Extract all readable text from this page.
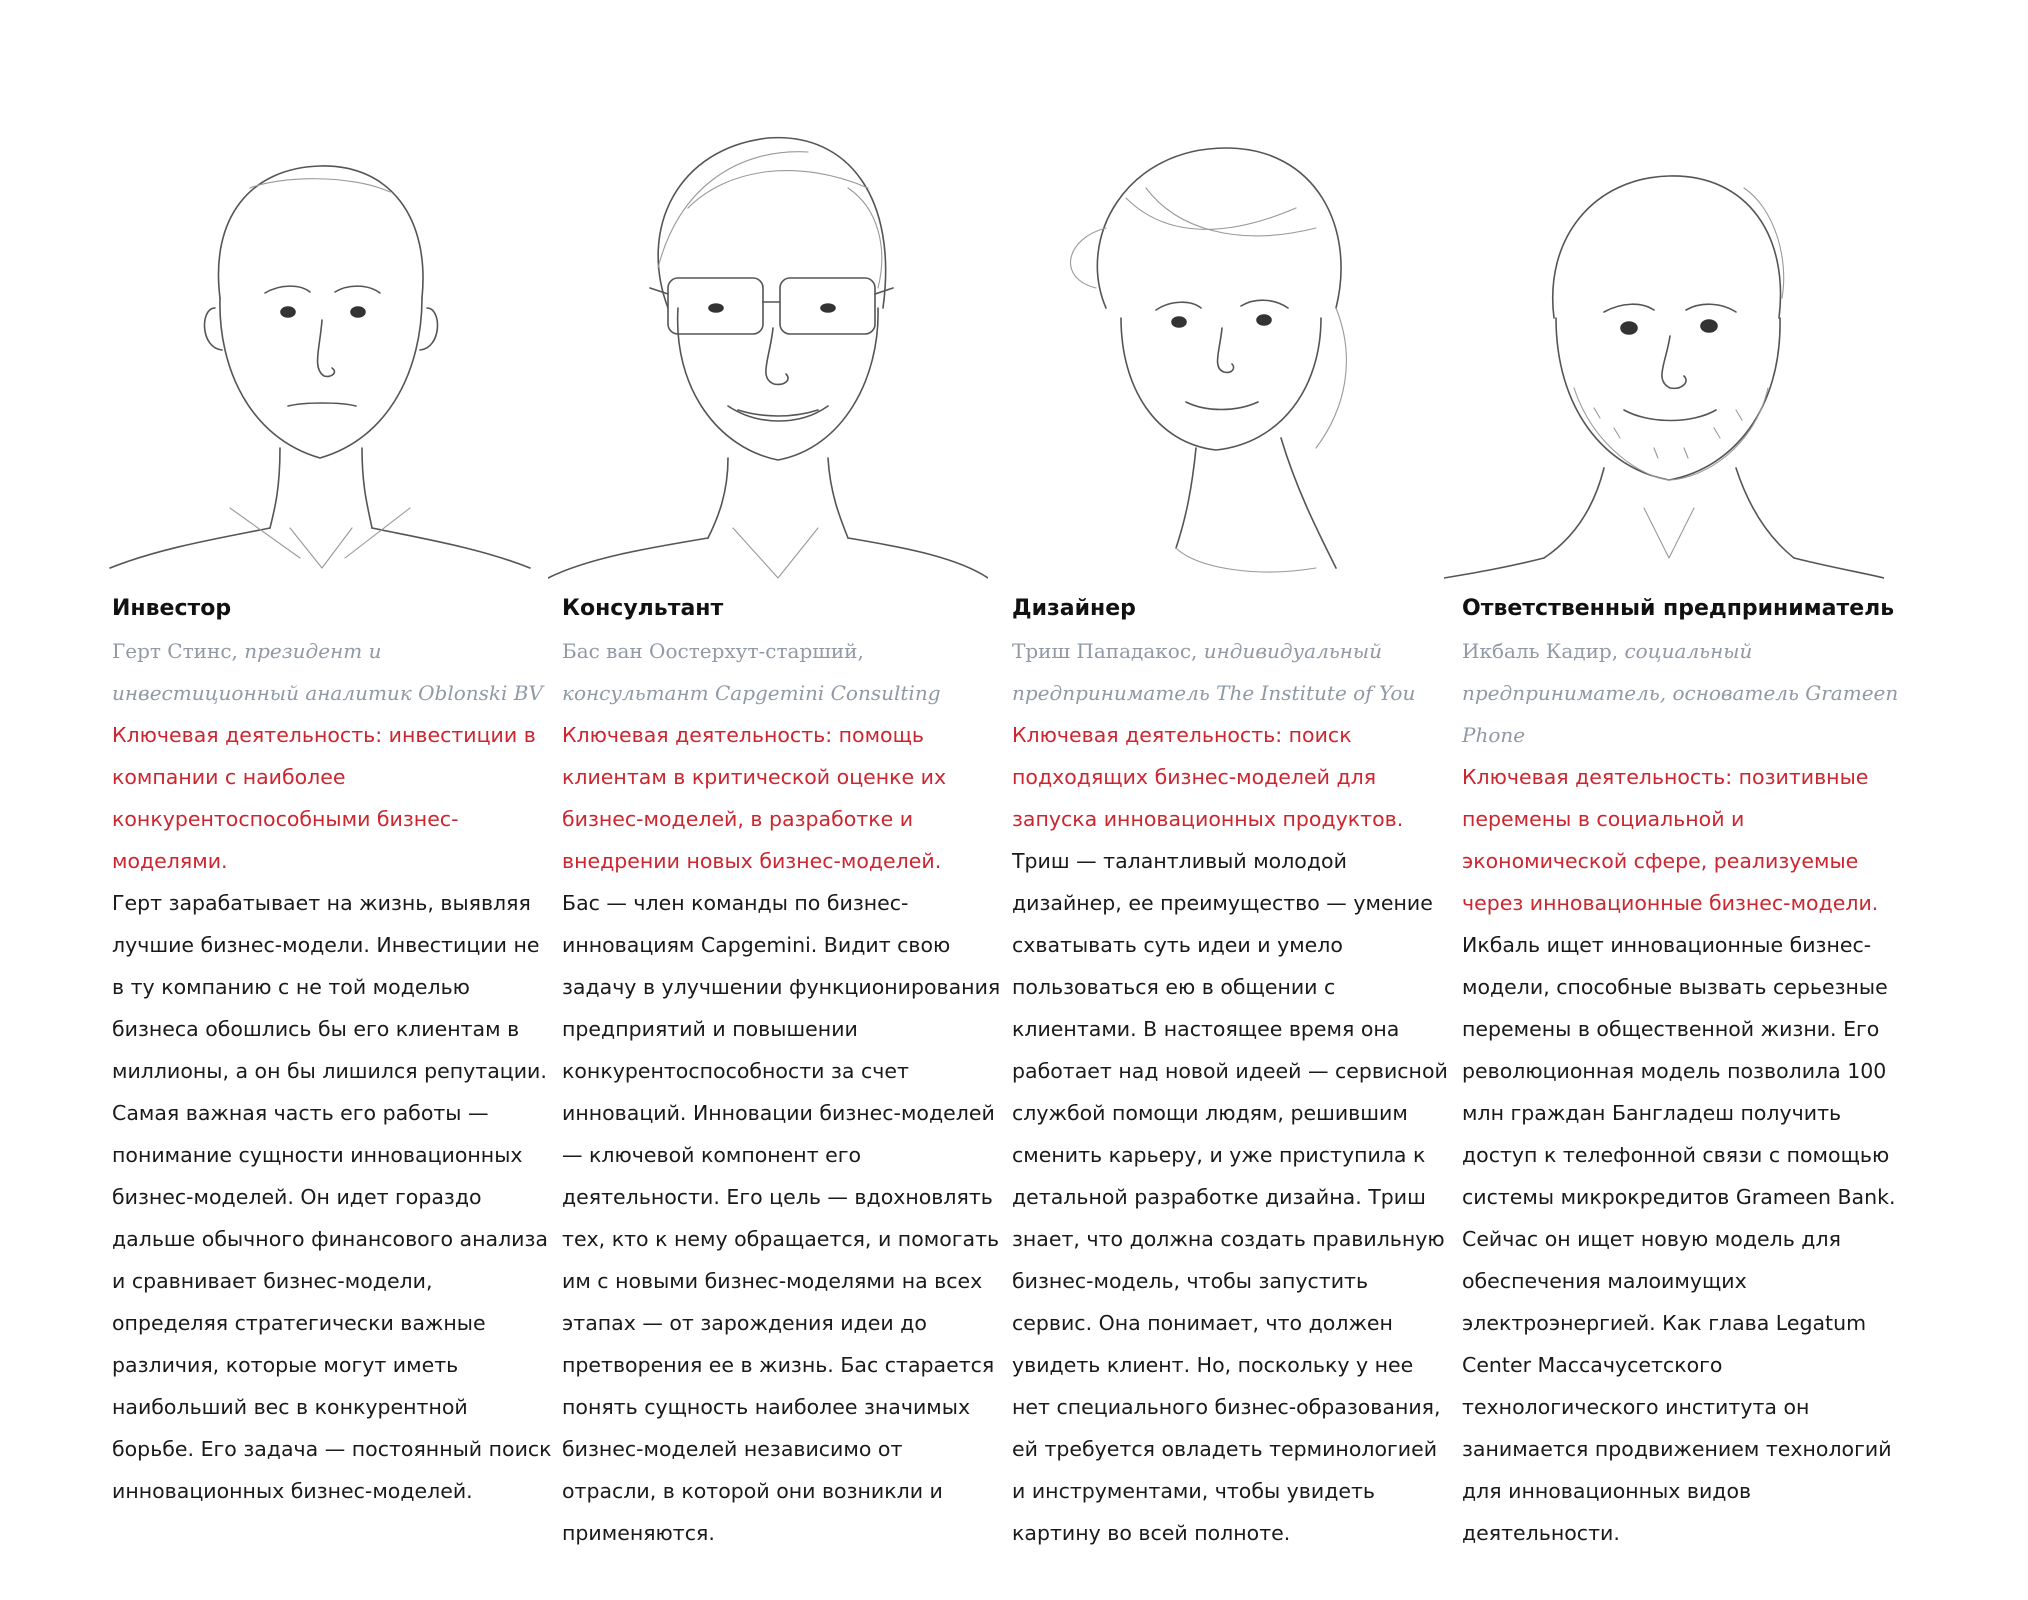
Инвестор

Герт Стинс, президент и инвестиционный аналитик Oblonski BV

Ключевая деятельность: инвестиции в компании с наиболее конкурентоспособными бизнес-моделями.

Герт зарабатывает на жизнь, выявляя лучшие бизнес-модели. Инвестиции не в ту компанию с не той моделью бизнеса обошлись бы его клиентам в миллионы, а он бы лишился репутации. Самая важная часть его работы — понимание сущности инновационных бизнес-моделей. Он идет гораздо дальше обычного финансового анализа и сравнивает бизнес-модели, определяя стратегически важные различия, которые могут иметь наибольший вес в конкурентной борьбе. Его задача — постоянный поиск инновационных бизнес-моделей.

Консультант

Бас ван Оостерхут-старший, консультант Capgemini Consulting

Ключевая деятельность: помощь клиентам в критической оценке их бизнес-моделей, в разработке и внедрении новых бизнес-моделей.

Бас — член команды по бизнес-инновациям Capgemini. Видит свою задачу в улучшении функционирования предприятий и повышении конкурентоспособности за счет инноваций. Инновации бизнес-моделей — ключевой компонент его деятельности. Его цель — вдохновлять тех, кто к нему обращается, и помогать им с новыми бизнес-моделями на всех этапах — от зарождения идеи до претворения ее в жизнь. Бас старается понять сущность наиболее значимых бизнес-моделей независимо от отрасли, в которой они возникли и применяются.

Дизайнер

Триш Пападакос, индивидуальный предприниматель The Institute of You

Ключевая деятельность: поиск подходящих бизнес-моделей для запуска инновационных продуктов.

Триш — талантливый молодой дизайнер, ее преимущество — умение схватывать суть идеи и умело пользоваться ею в общении с клиентами. В настоящее время она работает над новой идеей — сервисной службой помощи людям, решившим сменить карьеру, и уже приступила к детальной разработке дизайна. Триш знает, что должна создать правильную бизнес-модель, чтобы запустить сервис. Она понимает, что должен увидеть клиент. Но, поскольку у нее нет специального бизнес-образования, ей требуется овладеть терминологией и инструментами, чтобы увидеть картину во всей полноте.

Ответственный предприниматель

Икбаль Кадир, социальный предприниматель, основатель Grameen Phone

Ключевая деятельность: позитивные перемены в социальной и экономической сфере, реализуемые через инновационные бизнес-модели.

Икбаль ищет инновационные бизнес-модели, способные вызвать серьезные перемены в общественной жизни. Его революционная модель позволила 100 млн граждан Бангладеш получить доступ к телефонной связи с помощью системы микрокредитов Grameen Bank. Сейчас он ищет новую модель для обеспечения малоимущих электроэнергией. Как глава Legatum Center Массачусетского технологического института он занимается продвижением технологий для инновационных видов деятельности.
